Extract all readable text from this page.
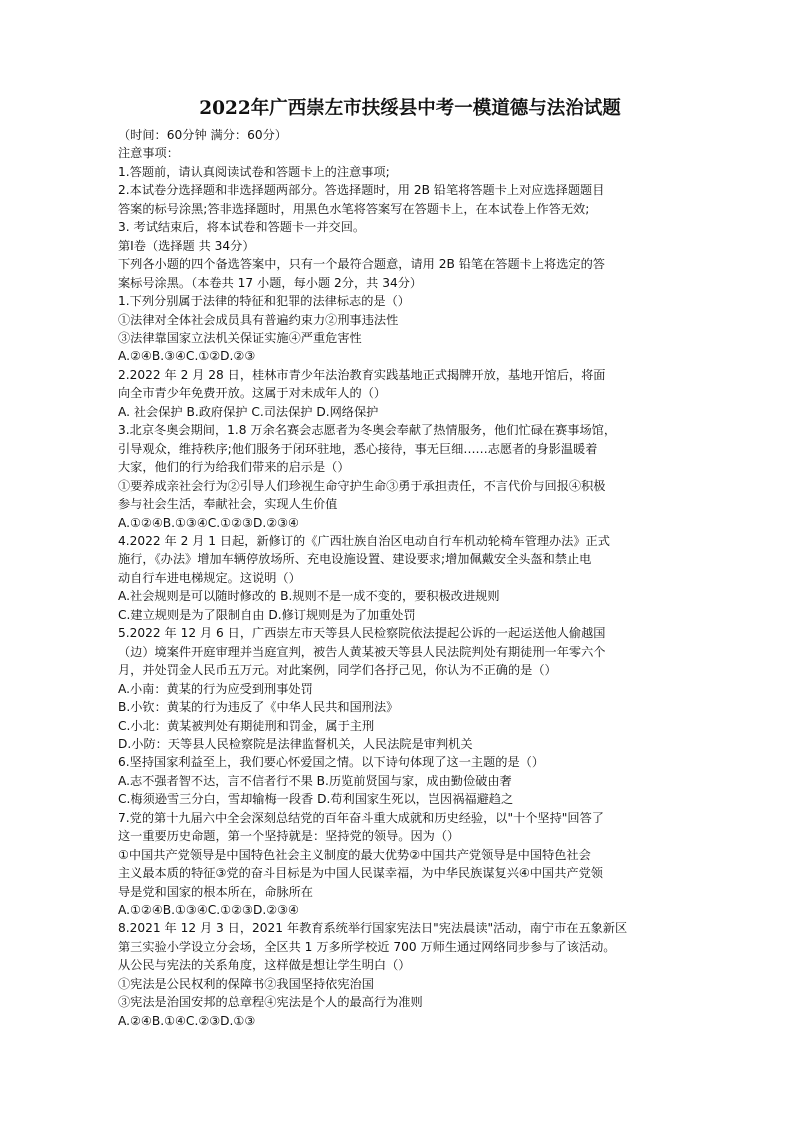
2022年广西崇左市扶绥县中考一模道德与法治试题
（时间：60分钟 满分：60分）
注意事项：
1.答题前，请认真阅读试卷和答题卡上的注意事项;
2.本试卷分选择题和非选择题两部分。答选择题时，用 2B 铅笔将答题卡上对应选择题题目
答案的标号涂黑;答非选择题时，用黑色水笔将答案写在答题卡上，在本试卷上作答无效;
3. 考试结束后，将本试卷和答题卡一并交回。
第Ⅰ卷（选择题 共 34分）
下列各小题的四个备选答案中，只有一个最符合题意，请用 2B 铅笔在答题卡上将选定的答
案标号涂黑。（本卷共 17 小题，每小题 2分，共 34分）
1.下列分别属于法律的特征和犯罪的法律标志的是（）
①法律对全体社会成员具有普遍约束力②刑事违法性
③法律靠国家立法机关保证实施④严重危害性
A.②④B.③④C.①②D.②③
2.2022 年 2 月 28 日，桂林市青少年法治教育实践基地正式揭牌开放，基地开馆后，将面
向全市青少年免费开放。这属于对未成年人的（）
A. 社会保护 B.政府保护 C.司法保护 D.网络保护
3.北京冬奥会期间，1.8 万余名赛会志愿者为冬奥会奉献了热情服务，他们忙碌在赛事场馆，
引导观众，维持秩序;他们服务于闭环驻地，悉心接待，事无巨细……志愿者的身影温暖着
大家，他们的行为给我们带来的启示是（）
①要养成亲社会行为②引导人们珍视生命守护生命③勇于承担责任，不言代价与回报④积极
参与社会生活，奉献社会，实现人生价值
A.①②④B.①③④C.①②③D.②③④
4.2022 年 2 月 1 日起，新修订的《广西壮族自治区电动自行车机动轮椅车管理办法》正式
施行，《办法》增加车辆停放场所、充电设施设置、建设要求;增加佩戴安全头盔和禁止电
动自行车进电梯规定。这说明（）
A.社会规则是可以随时修改的 B.规则不是一成不变的，要积极改进规则
C.建立规则是为了限制自由 D.修订规则是为了加重处罚
5.2022 年 12 月 6 日，广西崇左市天等县人民检察院依法提起公诉的一起运送他人偷越国
（边）境案件开庭审理并当庭宣判，被告人黄某被天等县人民法院判处有期徒刑一年零六个
月，并处罚金人民币五万元。对此案例，同学们各抒己见，你认为不正确的是（）
A.小南：黄某的行为应受到刑事处罚
B.小钦：黄某的行为违反了《中华人民共和国刑法》
C.小北：黄某被判处有期徒刑和罚金，属于主刑
D.小防：天等县人民检察院是法律监督机关，人民法院是审判机关
6.坚持国家利益至上，我们要心怀爱国之情。以下诗句体现了这一主题的是（）
A.志不强者智不达，言不信者行不果 B.历览前贤国与家，成由勤俭破由奢
C.梅须逊雪三分白，雪却输梅一段香 D.苟利国家生死以，岂因祸福避趋之
7.党的第十九届六中全会深刻总结党的百年奋斗重大成就和历史经验，以"十个坚持"回答了
这一重要历史命题，第一个坚持就是：坚持党的领导。因为（）
①中国共产党领导是中国特色社会主义制度的最大优势②中国共产党领导是中国特色社会
主义最本质的特征③党的奋斗目标是为中国人民谋幸福，为中华民族谋复兴④中国共产党领
导是党和国家的根本所在，命脉所在
A.①②④B.①③④C.①②③D.②③④
8.2021 年 12 月 3 日，2021 年教育系统举行国家宪法日"宪法晨读"活动，南宁市在五象新区
第三实验小学设立分会场，全区共 1 万多所学校近 700 万师生通过网络同步参与了该活动。
从公民与宪法的关系角度，这样做是想让学生明白（）
①宪法是公民权利的保障书②我国坚持依宪治国
③宪法是治国安邦的总章程④宪法是个人的最高行为准则
A.②④B.①④C.②③D.①③
